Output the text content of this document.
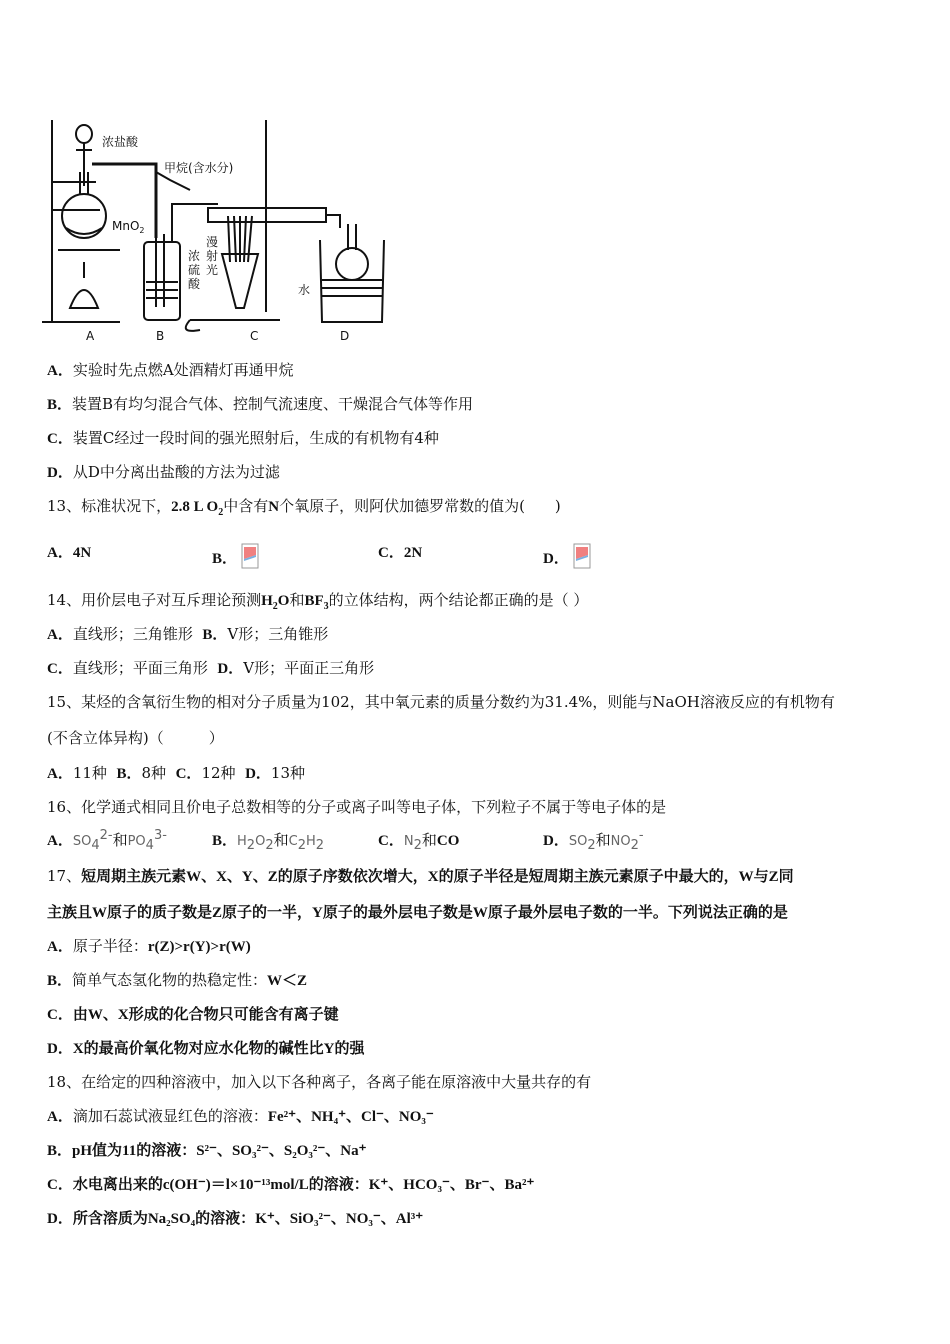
浓盐酸
甲烷(含水分)
MnO$_2$
浓
硫
酸
漫
射
光
水
A	B	C	D
A．实验时先点燃A处酒精灯再通甲烷
B．装置B有均匀混合气体、控制气流速度、干燥混合气体等作用
C．装置C经过一段时间的强光照射后，生成的有机物有4种
D．从D中分离出盐酸的方法为过滤
13、标准状况下，2.8 L $O_2$中含有N个氧原子，则阿伏加德罗常数的值为(　　)
A．4N	B．	C．2N	D．
14、用价层电子对互斥理论预测$H_2O$和$BF_3$的立体结构，两个结论都正确的是（ ）
A．直线形；三角锥形 B．V形；三角锥形
C．直线形；平面三角形 D．V形；平面正三角形
15、某烃的含氧衍生物的相对分子质量为102，其中氧元素的质量分数约为31.4%，则能与NaOH溶液反应的有机物有
(不含立体异构)（　　　）
A．11种 B．8种 C．12种 D．13种
16、化学通式相同且价电子总数相等的分子或离子叫等电子体，下列粒子不属于等电子体的是
A．$SO_4^{2-}$和$PO_4^{3-}$	B．$H_2O_2$和$C_2H_2$	C．$N_2$和CO	D．$SO_2$和$NO_2^-$
17、短周期主族元素W、X、Y、Z的原子序数依次增大，X的原子半径是短周期主族元素原子中最大的，W与Z同
主族且W原子的质子数是Z原子的一半，Y原子的最外层电子数是W原子最外层电子数的一半。下列说法正确的是
A．原子半径：r(Z)>r(Y)>r(W)
B．简单气态氢化物的热稳定性：W＜Z
C．由W、X形成的化合物只可能含有离子键
D．X的最高价氧化物对应水化物的碱性比Y的强
18、在给定的四种溶液中，加入以下各种离子，各离子能在原溶液中大量共存的有
A．滴加石蕊试液显红色的溶液：Fe²⁺、NH₄⁺、Cl⁻、NO₃⁻
B．pH值为11的溶液：S²⁻、SO₃²⁻、S₂O₃²⁻、Na⁺
C．水电离出来的c(OH⁻)＝l×10⁻¹³mol/L的溶液：K⁺、HCO₃⁻、Br⁻、Ba²⁺
D．所含溶质为Na₂SO₄的溶液：K⁺、SiO₃²⁻、NO₃⁻、Al³⁺
